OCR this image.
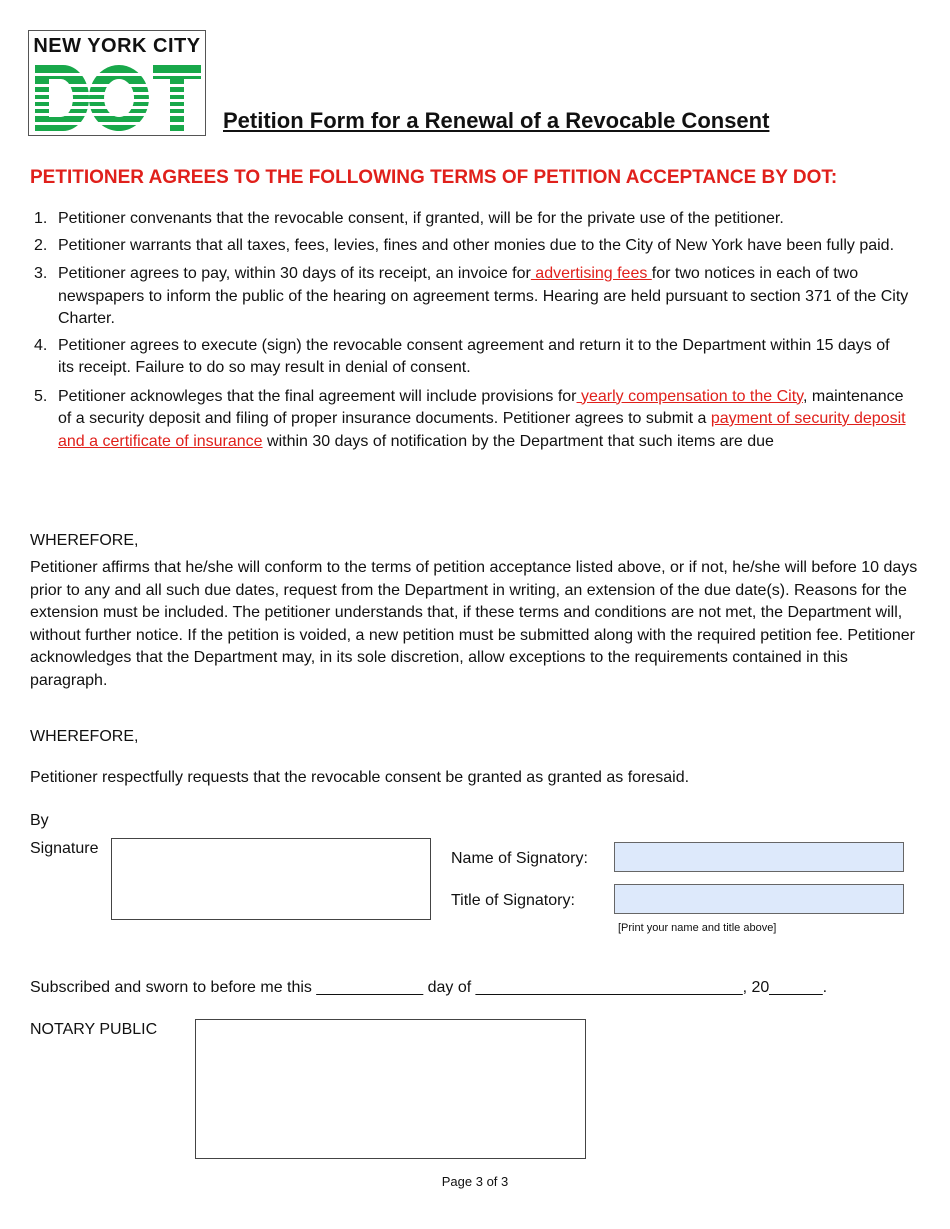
NEW YORK CITY
Petition Form for a Renewal of a Revocable Consent
PETITIONER AGREES TO THE FOLLOWING TERMS OF PETITION ACCEPTANCE BY DOT:
1. Petitioner convenants that the revocable consent, if granted, will be for the private use of the petitioner.
2. Petitioner warrants that all taxes, fees, levies, fines and other monies due to the City of New York have been fully paid.
3. Petitioner agrees to pay, within 30 days of its receipt, an invoice for advertising fees for two notices in each of two newspapers to inform the public of the hearing on agreement terms. Hearing are held pursuant to section 371 of the City Charter.
4. Petitioner agrees to execute (sign) the revocable consent agreement and return it to the Department within 15 days of its receipt. Failure to do so may result in denial of consent.
5. Petitioner acknowleges that the final agreement will include provisions for yearly compensation to the City, maintenance of a security deposit and filing of proper insurance documents. Petitioner agrees to submit a payment of security deposit and a certificate of insurance within 30 days of notification by the Department that such items are due
WHEREFORE,
Petitioner affirms that he/she will conform to the terms of petition acceptance listed above, or if not, he/she will before 10 days prior to any and all such due dates, request from the Department in writing, an extension of the due date(s). Reasons for the extension must be included. The petitioner understands that, if these terms and conditions are not met, the Department will, without further notice. If the petition is voided, a new petition must be submitted along with the required petition fee. Petitioner acknowledges that the Department may, in its sole discretion, allow exceptions to the requirements contained in this paragraph.
WHEREFORE,
Petitioner respectfully requests that the revocable consent be granted as granted as foresaid.
By
Signature
Name of Signatory:
Title of Signatory:
[Print your name and title above]
Subscribed and sworn to before me this ____________ day of ______________________________, 20______.
NOTARY PUBLIC
Page 3 of 3
